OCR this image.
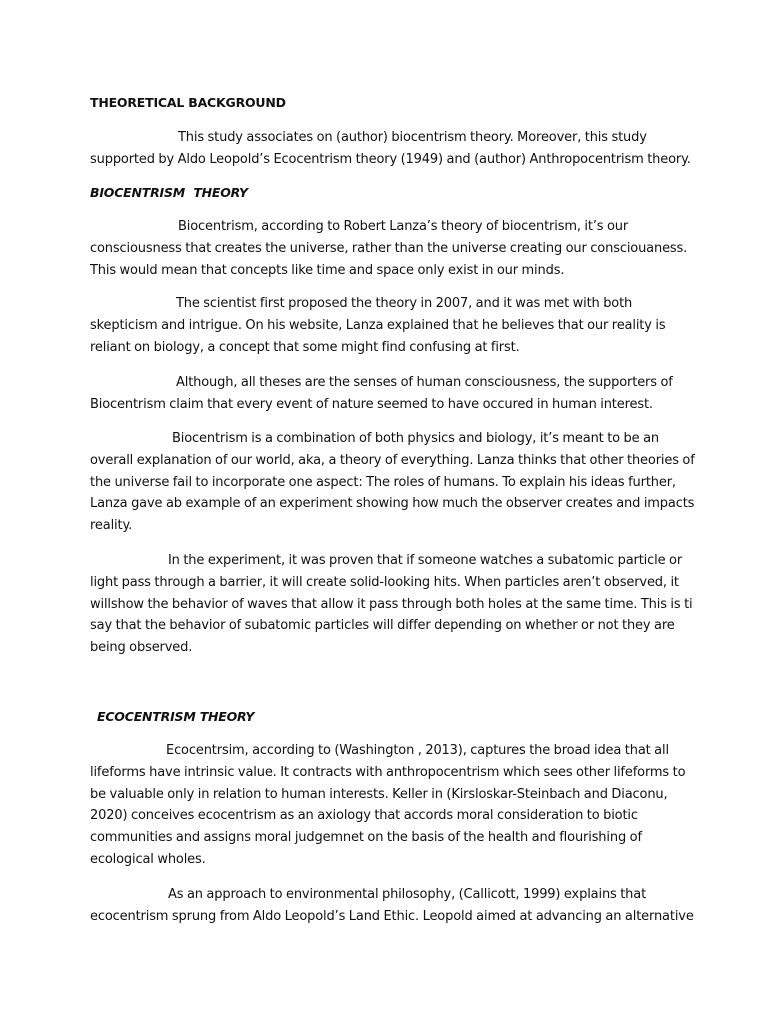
THEORETICAL BACKGROUND

This study associates on (author) biocentrism theory. Moreover, this study
supported by Aldo Leopold’s Ecocentrism theory (1949) and (author) Anthropocentrism theory.

BIOCENTRISM  THEORY

Biocentrism, according to Robert Lanza’s theory of biocentrism, it’s our
consciousness that creates the universe, rather than the universe creating our consciouaness.
This would mean that concepts like time and space only exist in our minds.

The scientist first proposed the theory in 2007, and it was met with both
skepticism and intrigue. On his website, Lanza explained that he believes that our reality is
reliant on biology, a concept that some might find confusing at first.

Although, all theses are the senses of human consciousness, the supporters of
Biocentrism claim that every event of nature seemed to have occured in human interest.

Biocentrism is a combination of both physics and biology, it’s meant to be an
overall explanation of our world, aka, a theory of everything. Lanza thinks that other theories of
the universe fail to incorporate one aspect: The roles of humans. To explain his ideas further,
Lanza gave ab example of an experiment showing how much the observer creates and impacts
reality.

In the experiment, it was proven that if someone watches a subatomic particle or
light pass through a barrier, it will create solid-looking hits. When particles aren’t observed, it
willshow the behavior of waves that allow it pass through both holes at the same time. This is ti
say that the behavior of subatomic particles will differ depending on whether or not they are
being observed.

ECOCENTRISM THEORY

Ecocentrsim, according to (Washington , 2013), captures the broad idea that all
lifeforms have intrinsic value. It contracts with anthropocentrism which sees other lifeforms to
be valuable only in relation to human interests. Keller in (Kirsloskar-Steinbach and Diaconu,
2020) conceives ecocentrism as an axiology that accords moral consideration to biotic
communities and assigns moral judgemnet on the basis of the health and flourishing of
ecological wholes.

As an approach to environmental philosophy, (Callicott, 1999) explains that
ecocentrism sprung from Aldo Leopold’s Land Ethic. Leopold aimed at advancing an alternative
